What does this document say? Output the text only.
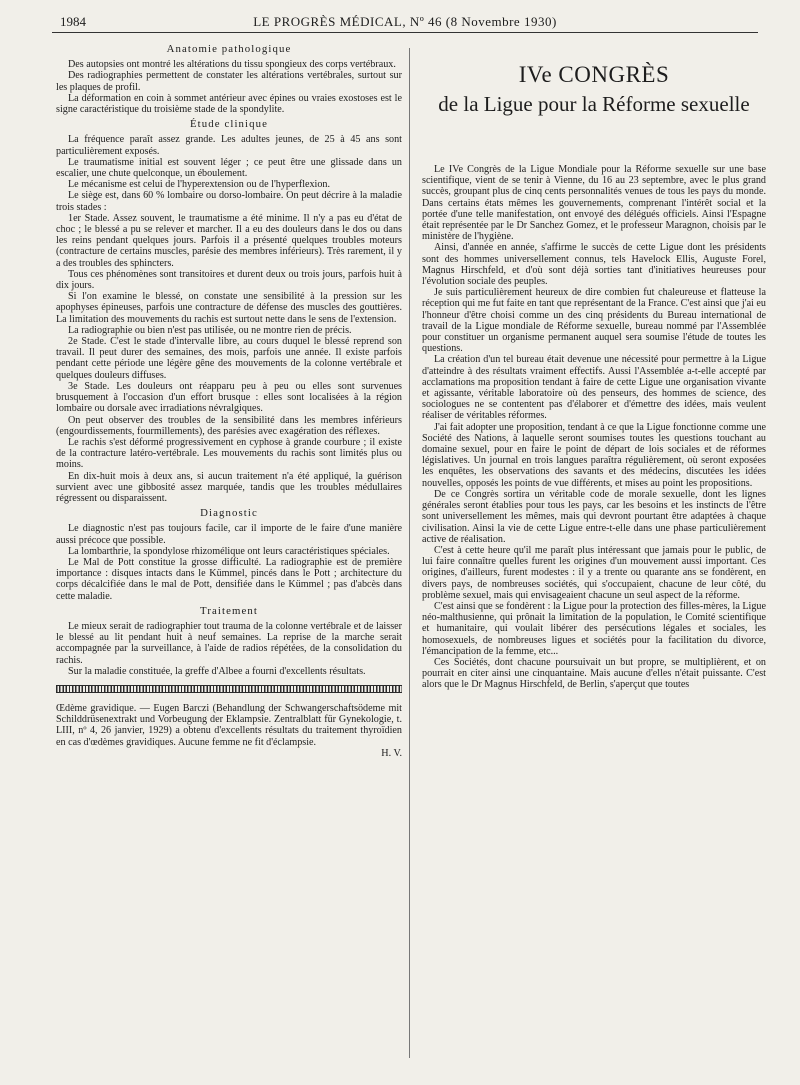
1984	LE PROGRÈS MÉDICAL, Nº 46 (8 Novembre 1930)
Anatomie pathologique

Des autopsies ont montré les altérations du tissu spongieux des corps vertébraux.

Des radiographies permettent de constater les altérations vertébrales, surtout sur les plaques de profil.

La déformation en coin à sommet antérieur avec épines ou vraies exostoses est le signe caractéristique du troisième stade de la spondylite.

Étude clinique

La fréquence paraît assez grande. Les adultes jeunes, de 25 à 45 ans sont particulièrement exposés.

Le traumatisme initial est souvent léger ; ce peut être une glissade dans un escalier, une chute quelconque, un éboulement.

Le mécanisme est celui de l'hyperextension ou de l'hyperflexion.

Le siège est, dans 60 % lombaire ou dorso-lombaire. On peut décrire à la maladie trois stades :

1er Stade. Assez souvent, le traumatisme a été minime. Il n'y a pas eu d'état de choc ; le blessé a pu se relever et marcher. Il a eu des douleurs dans le dos ou dans les reins pendant quelques jours. Parfois il a présenté quelques troubles moteurs (contracture de certains muscles, parésie des membres inférieurs). Très rarement, il y a des troubles des sphincters.

Tous ces phénomènes sont transitoires et durent deux ou trois jours, parfois huit à dix jours.

Si l'on examine le blessé, on constate une sensibilité à la pression sur les apophyses épineuses, parfois une contracture de défense des muscles des gouttières. La limitation des mouvements du rachis est surtout nette dans le sens de l'extension.

La radiographie ou bien n'est pas utilisée, ou ne montre rien de précis.

2e Stade. C'est le stade d'intervalle libre, au cours duquel le blessé reprend son travail. Il peut durer des semaines, des mois, parfois une année. Il existe parfois pendant cette période une légère gêne des mouvements de la colonne vertébrale et quelques douleurs diffuses.

3e Stade. Les douleurs ont réapparu peu à peu ou elles sont survenues brusquement à l'occasion d'un effort brusque : elles sont localisées à la région lombaire ou dorsale avec irradiations névralgiques.

On peut observer des troubles de la sensibilité dans les membres inférieurs (engourdissements, fourmillements), des parésies avec exagération des réflexes.

Le rachis s'est déformé progressivement en cyphose à grande courbure ; il existe de la contracture latéro-vertébrale. Les mouvements du rachis sont limités plus ou moins.

En dix-huit mois à deux ans, si aucun traitement n'a été appliqué, la guérison survient avec une gibbosité assez marquée, tandis que les troubles médullaires régressent ou disparaissent.

Diagnostic

Le diagnostic n'est pas toujours facile, car il importe de le faire d'une manière aussi précoce que possible.

La lombarthrie, la spondylose rhizomélique ont leurs caractéristiques spéciales.

Le Mal de Pott constitue la grosse difficulté. La radiographie est de première importance : disques intacts dans le Kümmel, pincés dans le Pott ; architecture du corps décalcifiée dans le mal de Pott, densifiée dans le Kümmel ; pas d'abcès dans cette maladie.

Traitement

Le mieux serait de radiographier tout trauma de la colonne vertébrale et de laisser le blessé au lit pendant huit à neuf semaines. La reprise de la marche serait accompagnée par la surveillance, à l'aide de radios répétées, de la consolidation du rachis.

Sur la maladie constituée, la greffe d'Albee a fourni d'excellents résultats.

Œdème gravidique. — Eugen Barczi (Behandlung der Schwangerschaftsödeme mit Schilddrüsenextrakt und Vorbeugung der Eklampsie. Zentralblatt für Gynekologie, t. LIII, nº 4, 26 janvier, 1929) a obtenu d'excellents résultats du traitement thyroïdien en cas d'œdèmes gravidiques. Aucune femme ne fit d'éclampsie.

H. V.

IVe CONGRÈS
de la Ligue pour la Réforme sexuelle

Le IVe Congrès de la Ligue Mondiale pour la Réforme sexuelle sur une base scientifique, vient de se tenir à Vienne, du 16 au 23 septembre, avec le plus grand succès, groupant plus de cinq cents personnalités venues de tous les pays du monde. Dans certains états mêmes les gouvernements, comprenant l'intérêt social et la portée d'une telle manifestation, ont envoyé des délégués officiels. Ainsi l'Espagne était représentée par le Dr Sanchez Gomez, et le professeur Maragnon, choisis par le ministère de l'hygiène.

Ainsi, d'année en année, s'affirme le succès de cette Ligue dont les présidents sont des hommes universellement connus, tels Havelock Ellis, Auguste Forel, Magnus Hirschfeld, et d'où sont déjà sorties tant d'initiatives heureuses pour l'évolution sociale des peuples.

Je suis particulièrement heureux de dire combien fut chaleureuse et flatteuse la réception qui me fut faite en tant que représentant de la France. C'est ainsi que j'ai eu l'honneur d'être choisi comme un des cinq présidents du Bureau international de travail de la Ligue mondiale de Réforme sexuelle, bureau nommé par l'Assemblée pour constituer un organisme permanent auquel sera soumise l'étude de toutes les questions.

La création d'un tel bureau était devenue une nécessité pour permettre à la Ligue d'atteindre à des résultats vraiment effectifs. Aussi l'Assemblée a-t-elle accepté par acclamations ma proposition tendant à faire de cette Ligue une organisation vivante et agissante, véritable laboratoire où des penseurs, des hommes de science, des sociologues ne se contentent pas d'élaborer et d'émettre des idées, mais veulent réaliser de véritables réformes.

J'ai fait adopter une proposition, tendant à ce que la Ligue fonctionne comme une Société des Nations, à laquelle seront soumises toutes les questions touchant au domaine sexuel, pour en faire le point de départ de lois sociales et de réformes législatives. Un journal en trois langues paraîtra régulièrement, où seront exposées les enquêtes, les observations des savants et des médecins, discutées les idées nouvelles, opposés les points de vue différents, et mises au point les propositions.

De ce Congrès sortira un véritable code de morale sexuelle, dont les lignes générales seront établies pour tous les pays, car les besoins et les instincts de l'être sont universellement les mêmes, mais qui devront pourtant être adaptées à chaque civilisation. Ainsi la vie de cette Ligue entre-t-elle dans une phase particulièrement active de réalisation.

C'est à cette heure qu'il me paraît plus intéressant que jamais pour le public, de lui faire connaître quelles furent les origines d'un mouvement aussi important. Ces origines, d'ailleurs, furent modestes : il y a trente ou quarante ans se fondèrent, en divers pays, de nombreuses sociétés, qui s'occupaient, chacune de leur côté, du problème sexuel, mais qui envisageaient chacune un seul aspect de la réforme.

C'est ainsi que se fondèrent : la Ligue pour la protection des filles-mères, la Ligue néo-malthusienne, qui prônait la limitation de la population, le Comité scientifique et humanitaire, qui voulait libérer des persécutions légales et sociales, les homosexuels, de nombreuses ligues et sociétés pour la facilitation du divorce, l'émancipation de la femme, etc...

Ces Sociétés, dont chacune poursuivait un but propre, se multiplièrent, et on pourrait en citer ainsi une cinquantaine. Mais aucune d'elles n'était puissante. C'est alors que le Dr Magnus Hirschfeld, de Berlin, s'aperçut que toutes
